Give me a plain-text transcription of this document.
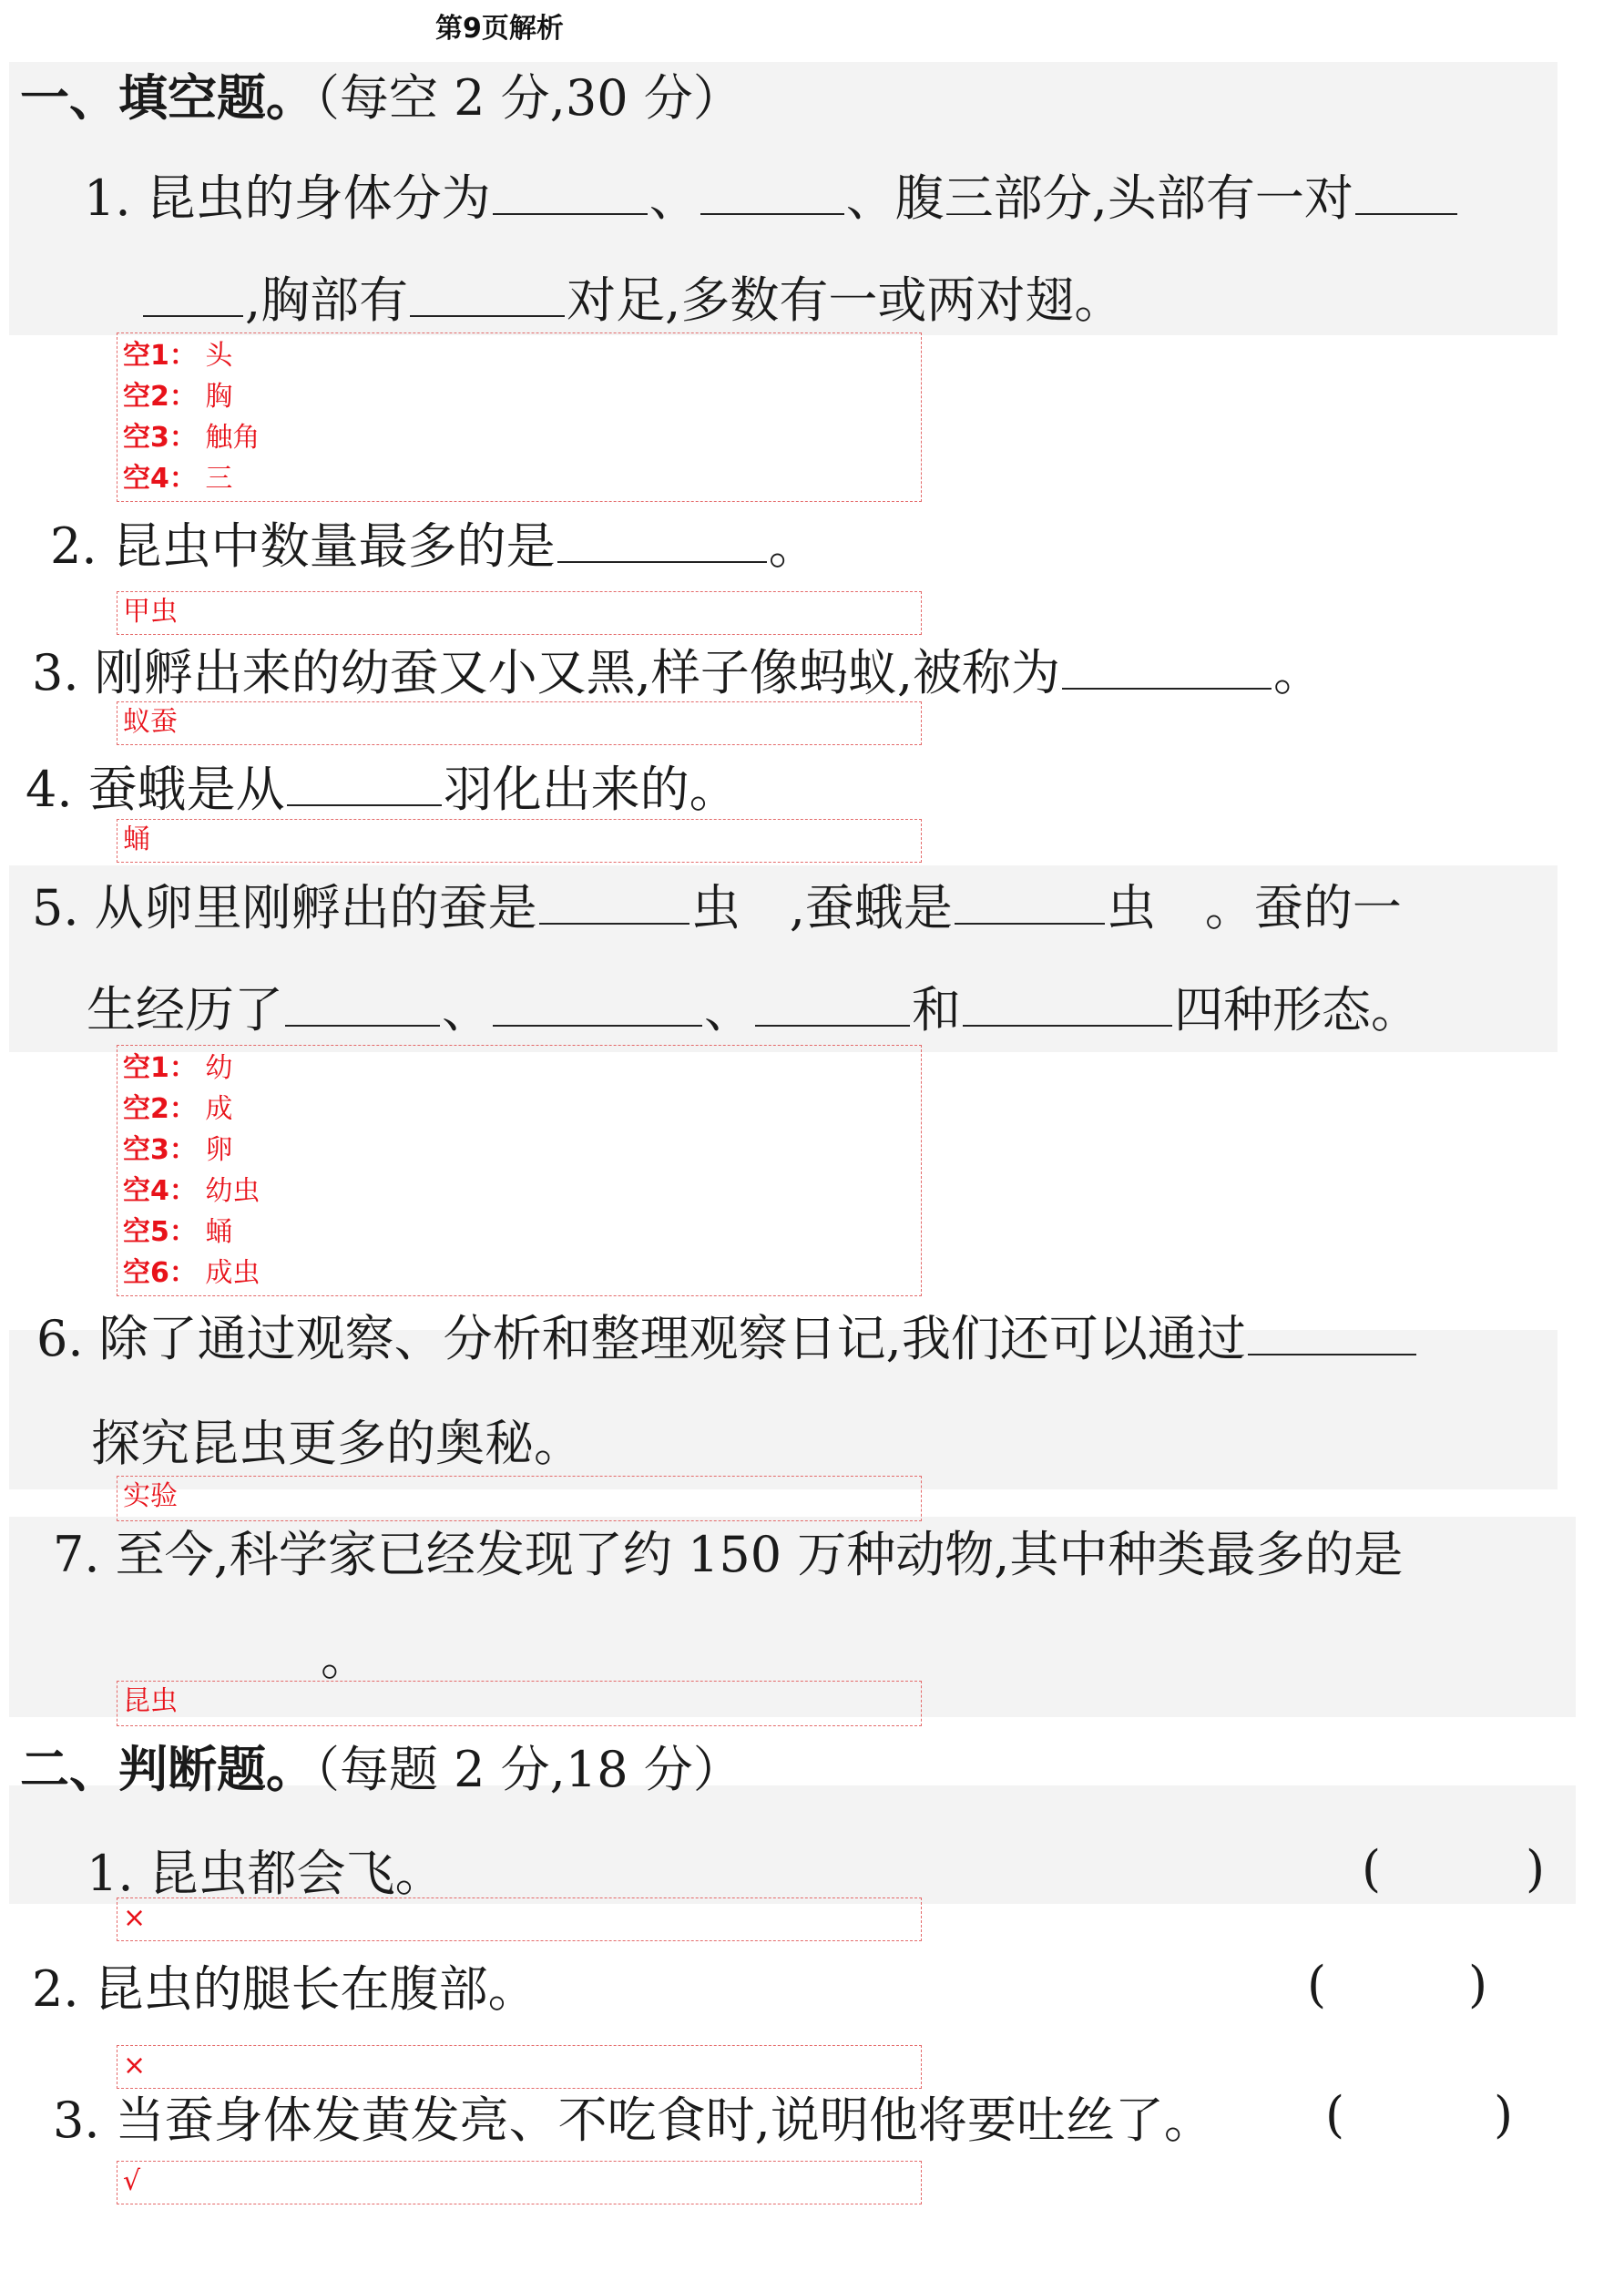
第9页解析
一、填空题。（每空 2 分,30 分）
1. 昆虫的身体分为	、	、腹三部分,头部有一对
,胸部有	对足,多数有一或两对翅。
空1： 头
空2： 胸
空3： 触角
空4： 三
2. 昆虫中数量最多的是	。
甲虫
3. 刚孵出来的幼蚕又小又黑,样子像蚂蚁,被称为	。
蚁蚕
4. 蚕蛾是从	羽化出来的。
蛹
5. 从卵里刚孵出的蚕是	虫 ,蚕蛾是	虫 。蚕的一
生经历了	、	、	和	四种形态。
空1： 幼
空2： 成
空3： 卵
空4： 幼虫
空5： 蛹
空6： 成虫
6. 除了通过观察、分析和整理观察日记,我们还可以通过
探究昆虫更多的奥秘。
实验
7. 至今,科学家已经发现了约 150 万种动物,其中种类最多的是
。
昆虫
二、判断题。（每题 2 分,18 分）
1. 昆虫都会飞。	(	)
×
2. 昆虫的腿长在腹部。	(	)
×
3. 当蚕身体发黄发亮、不吃食时,说明他将要吐丝了。 (	)
√
